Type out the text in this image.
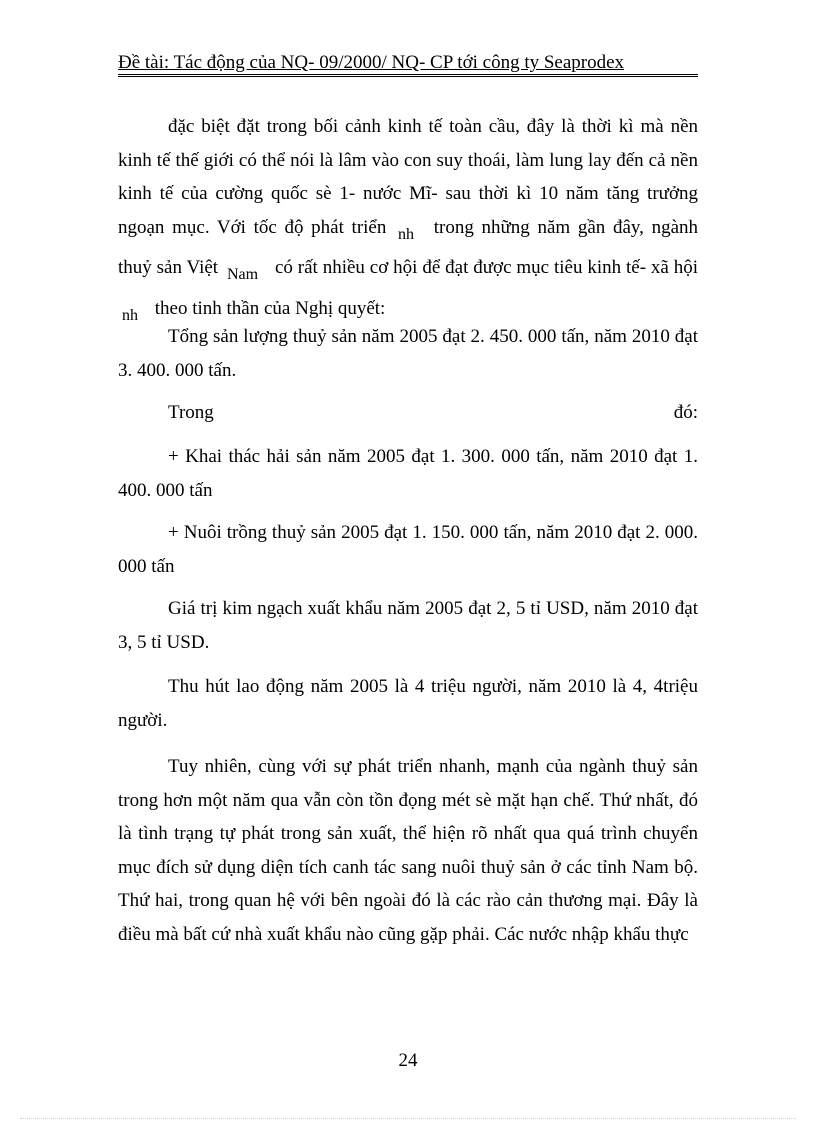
Đề tài: Tác động của NQ- 09/2000/ NQ- CP tới công ty Seaprodex

đặc biệt đặt trong bối cảnh kinh tế toàn cầu, đây là thời kì mà nền kinh tế thế giới có thể nói là lâm vào con suy thoái, làm lung lay đến cả nền kinh tế của cường quốc sè 1- nước Mĩ- sau thời kì 10 năm tăng trưởng ngoạn mục. Với tốc độ phát triển $_{nh}$ trong những năm gần đây, ngành thuỷ sản Việt $_{Nam}$ có rất nhiều cơ hội để đạt được mục tiêu kinh tế- xã hội $_{nh}$ theo tinh thần của Nghị quyết:

Tổng sản lượng thuỷ sản năm 2005 đạt 2. 450. 000 tấn, năm 2010 đạt 3. 400. 000 tấn.

Trong	đó:

+ Khai thác hải sản năm 2005 đạt 1. 300. 000 tấn, năm 2010 đạt 1. 400. 000 tấn

+ Nuôi trồng thuỷ sản 2005 đạt 1. 150. 000 tấn, năm 2010 đạt 2. 000. 000 tấn

Giá trị kim ngạch xuất khẩu năm 2005 đạt 2, 5 tỉ USD, năm 2010 đạt 3, 5 tỉ USD.

Thu hút lao động năm 2005 là 4 triệu người, năm 2010 là 4, 4triệu người.

Tuy nhiên, cùng với sự phát triển nhanh, mạnh của ngành thuỷ sản trong hơn một năm qua vẫn còn tồn đọng mét sè mặt hạn chế. Thứ nhất, đó là tình trạng tự phát trong sản xuất, thể hiện rõ nhất qua quá trình chuyển mục đích sử dụng diện tích canh tác sang nuôi thuỷ sản ở các tỉnh Nam bộ. Thứ hai, trong quan hệ với bên ngoài đó là các rào cản thương mại. Đây là điều mà bất cứ nhà xuất khẩu nào cũng gặp phải. Các nước nhập khẩu thực

24
